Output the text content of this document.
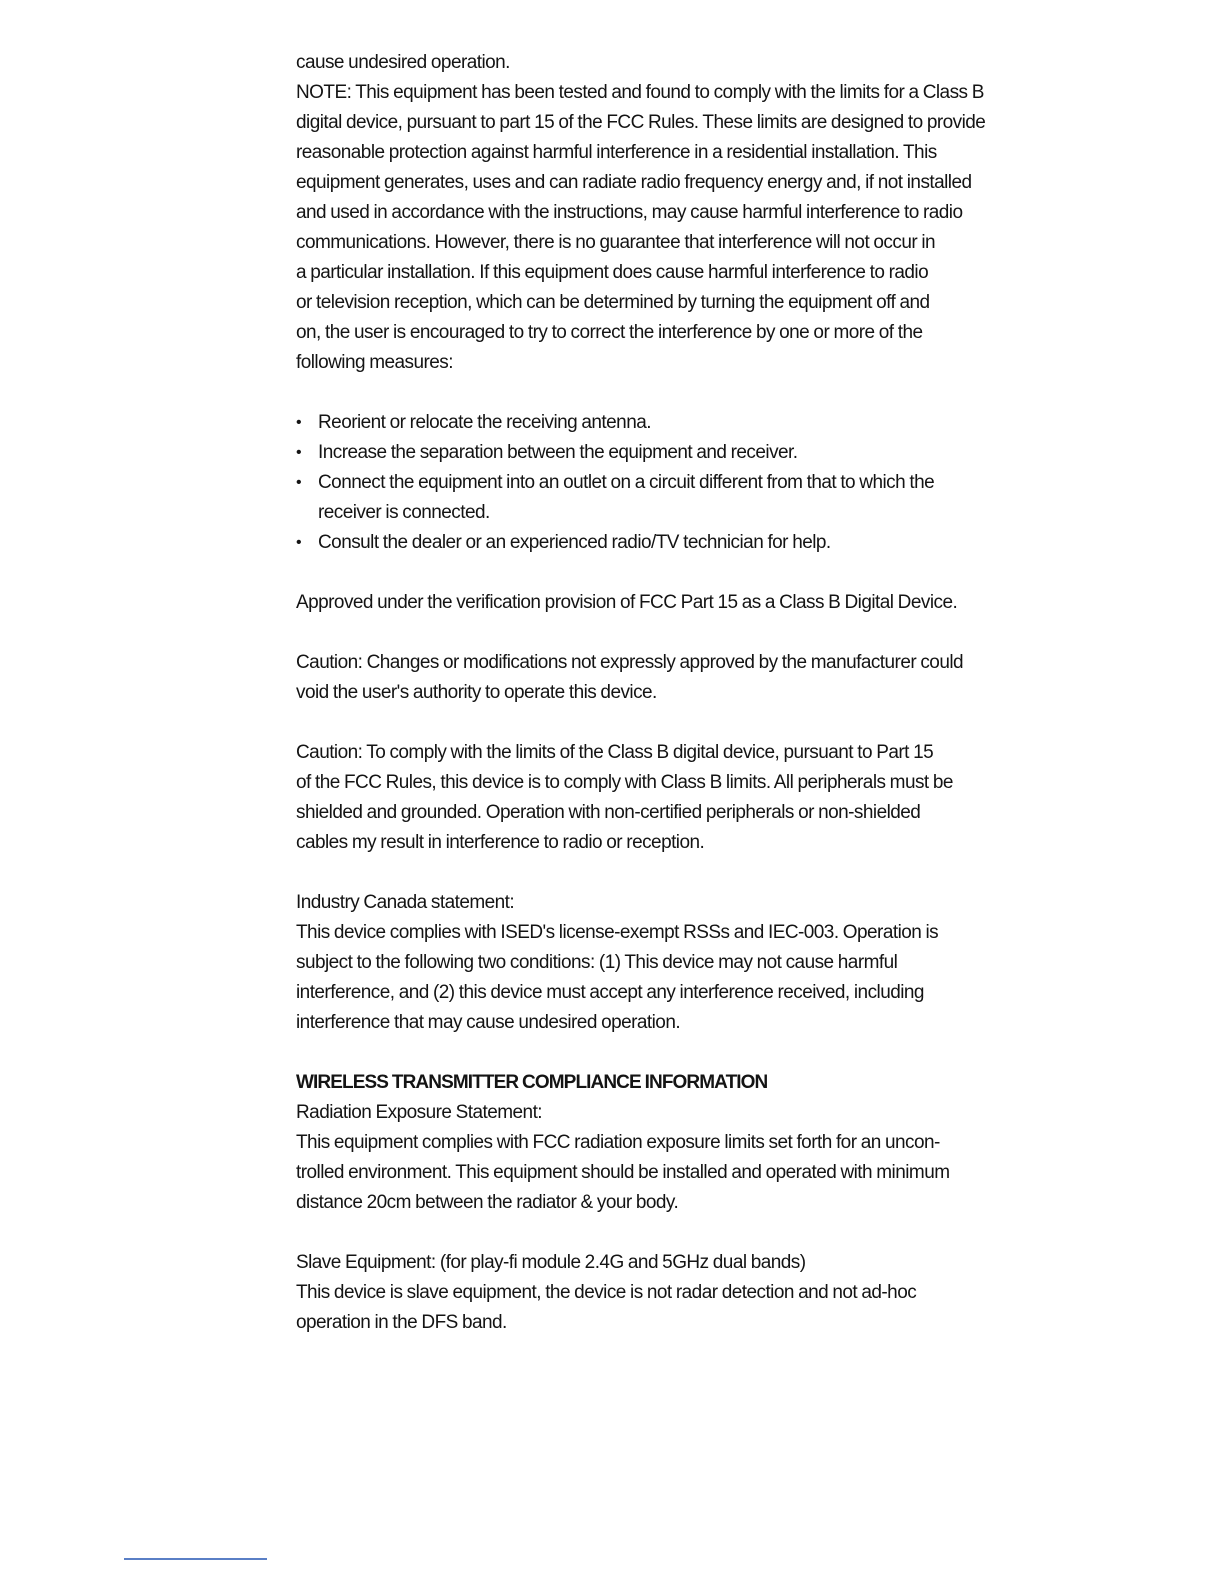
cause undesired operation.

NOTE: This equipment has been tested and found to comply with the limits for a Class B

digital device, pursuant to part 15 of the FCC Rules. These limits are designed to provide

reasonable protection against harmful interference in a residential installation. This

equipment generates, uses and can radiate radio frequency energy and, if not installed

and used in accordance with the instructions, may cause harmful interference to radio

communications. However, there is no guarantee that interference will not occur in

a particular installation. If this equipment does cause harmful interference to radio

or television reception, which can be determined by turning the equipment off and

on, the user is encouraged to try to correct the interference by one or more of the

following measures:

• Reorient or relocate the receiving antenna.

• Increase the separation between the equipment and receiver.

• Connect the equipment into an outlet on a circuit different from that to which the

receiver is connected.

• Consult the dealer or an experienced radio/TV technician for help.

Approved under the verification provision of FCC Part 15 as a Class B Digital Device.

Caution: Changes or modifications not expressly approved by the manufacturer could

void the user's authority to operate this device.

Caution: To comply with the limits of the Class B digital device, pursuant to Part 15

of the FCC Rules, this device is to comply with Class B limits. All peripherals must be

shielded and grounded. Operation with non-certified peripherals or non-shielded

cables my result in interference to radio or reception.

Industry Canada statement:

This device complies with ISED's license-exempt RSSs and IEC-003. Operation is

subject to the following two conditions: (1) This device may not cause harmful

interference, and (2) this device must accept any interference received, including

interference that may cause undesired operation.

WIRELESS TRANSMITTER COMPLIANCE INFORMATION

Radiation Exposure Statement:

This equipment complies with FCC radiation exposure limits set forth for an uncon-

trolled environment. This equipment should be installed and operated with minimum

distance 20cm between the radiator & your body.

Slave Equipment: (for play-fi module 2.4G and 5GHz dual bands)

This device is slave equipment, the device is not radar detection and not ad-hoc

operation in the DFS band.
